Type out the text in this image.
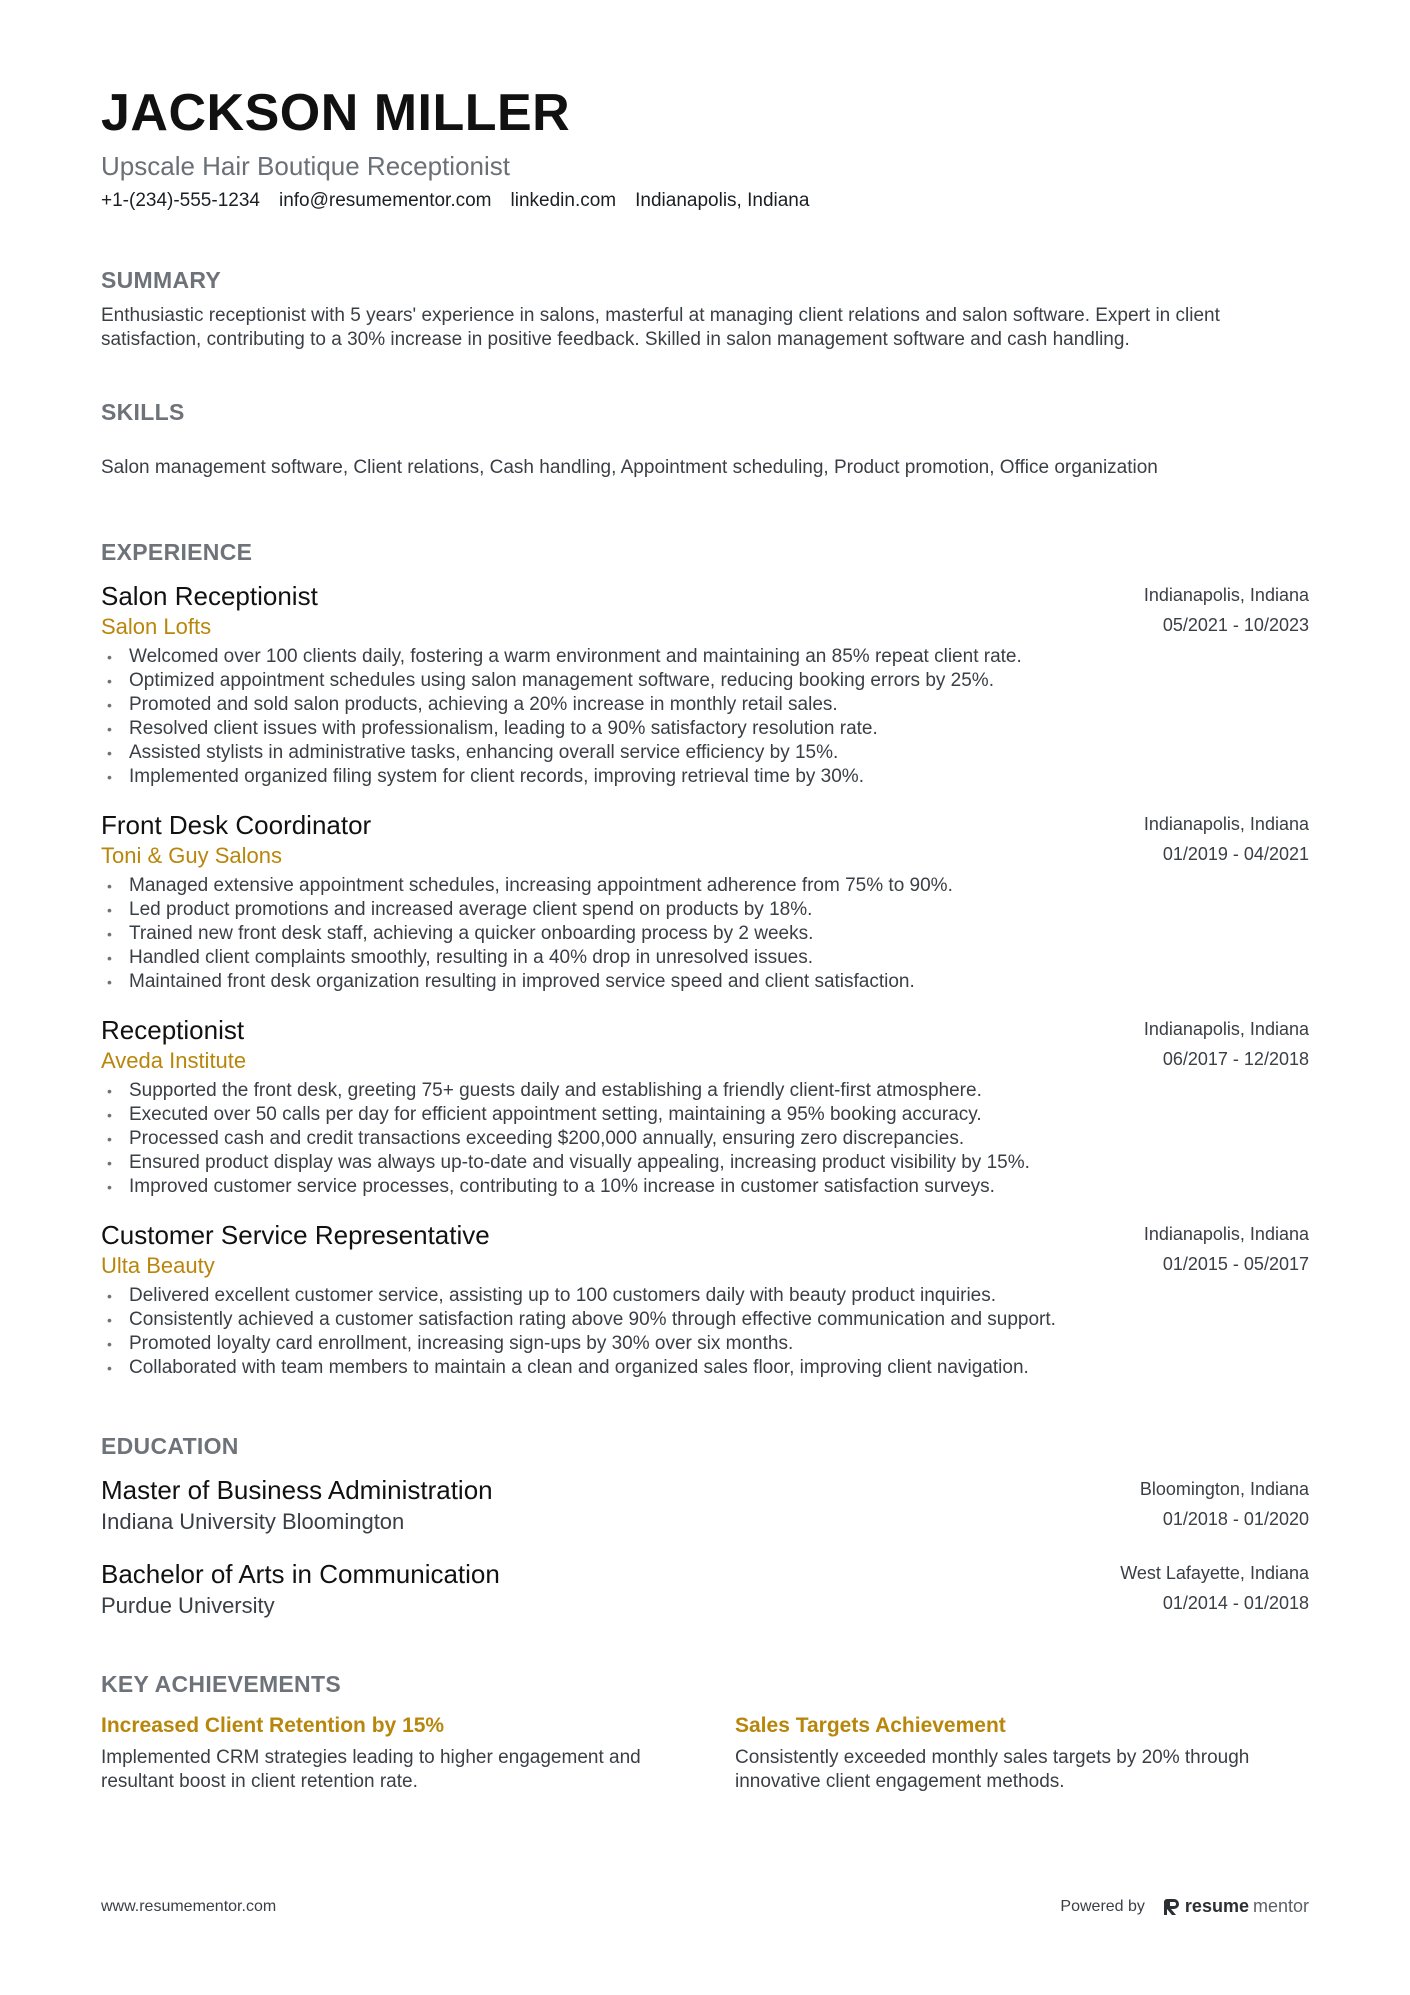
JACKSON MILLER
Upscale Hair Boutique Receptionist
+1-(234)-555-1234 info@resumementor.com linkedin.com Indianapolis, Indiana
SUMMARY
Enthusiastic receptionist with 5 years' experience in salons, masterful at managing client relations and salon software. Expert in client satisfaction, contributing to a 30% increase in positive feedback. Skilled in salon management software and cash handling.
SKILLS
Salon management software, Client relations, Cash handling, Appointment scheduling, Product promotion, Office organization
EXPERIENCE
Salon Receptionist
Salon Lofts
Indianapolis, Indiana
05/2021 - 10/2023
• Welcomed over 100 clients daily, fostering a warm environment and maintaining an 85% repeat client rate.
• Optimized appointment schedules using salon management software, reducing booking errors by 25%.
• Promoted and sold salon products, achieving a 20% increase in monthly retail sales.
• Resolved client issues with professionalism, leading to a 90% satisfactory resolution rate.
• Assisted stylists in administrative tasks, enhancing overall service efficiency by 15%.
• Implemented organized filing system for client records, improving retrieval time by 30%.
Front Desk Coordinator
Toni & Guy Salons
Indianapolis, Indiana
01/2019 - 04/2021
• Managed extensive appointment schedules, increasing appointment adherence from 75% to 90%.
• Led product promotions and increased average client spend on products by 18%.
• Trained new front desk staff, achieving a quicker onboarding process by 2 weeks.
• Handled client complaints smoothly, resulting in a 40% drop in unresolved issues.
• Maintained front desk organization resulting in improved service speed and client satisfaction.
Receptionist
Aveda Institute
Indianapolis, Indiana
06/2017 - 12/2018
• Supported the front desk, greeting 75+ guests daily and establishing a friendly client-first atmosphere.
• Executed over 50 calls per day for efficient appointment setting, maintaining a 95% booking accuracy.
• Processed cash and credit transactions exceeding $200,000 annually, ensuring zero discrepancies.
• Ensured product display was always up-to-date and visually appealing, increasing product visibility by 15%.
• Improved customer service processes, contributing to a 10% increase in customer satisfaction surveys.
Customer Service Representative
Ulta Beauty
Indianapolis, Indiana
01/2015 - 05/2017
• Delivered excellent customer service, assisting up to 100 customers daily with beauty product inquiries.
• Consistently achieved a customer satisfaction rating above 90% through effective communication and support.
• Promoted loyalty card enrollment, increasing sign-ups by 30% over six months.
• Collaborated with team members to maintain a clean and organized sales floor, improving client navigation.
EDUCATION
Master of Business Administration
Indiana University Bloomington
Bloomington, Indiana
01/2018 - 01/2020
Bachelor of Arts in Communication
Purdue University
West Lafayette, Indiana
01/2014 - 01/2018
KEY ACHIEVEMENTS
Increased Client Retention by 15%
Implemented CRM strategies leading to higher engagement and resultant boost in client retention rate.
Sales Targets Achievement
Consistently exceeded monthly sales targets by 20% through innovative client engagement methods.
www.resumementor.com	Powered by resume mentor
